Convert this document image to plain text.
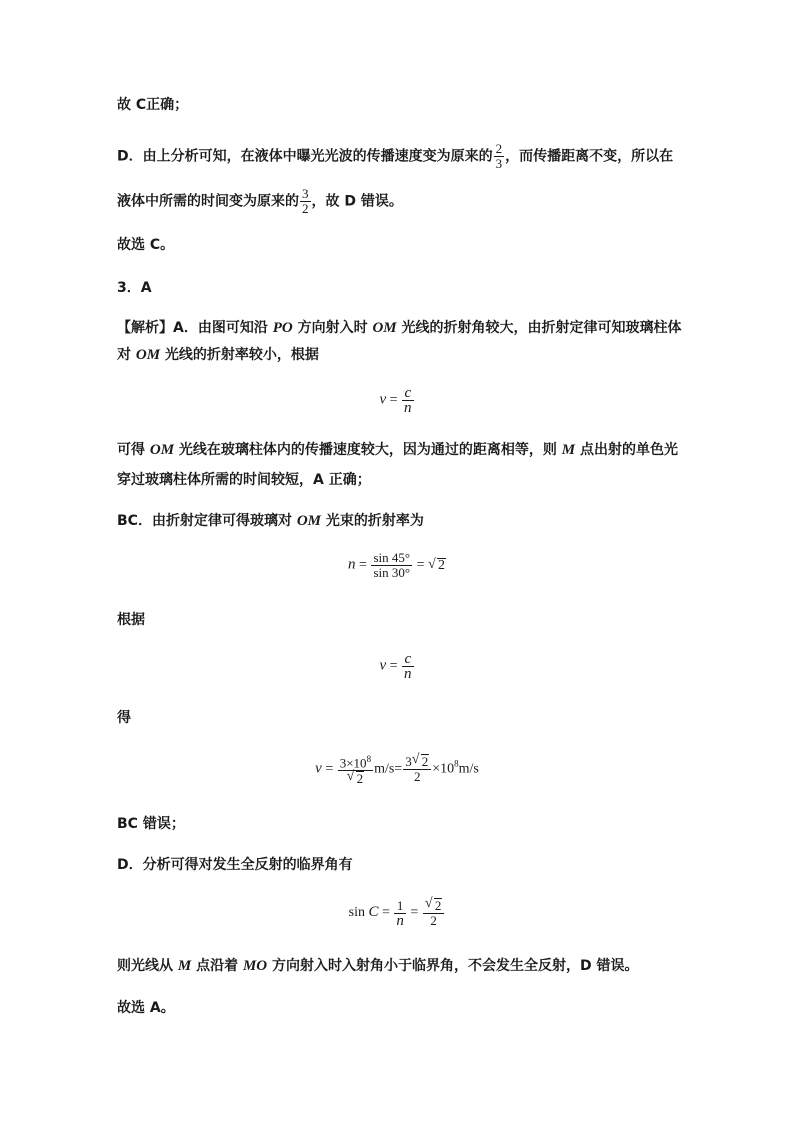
故 C正确；
D．由上分析可知，在液体中曝光光波的传播速度变为原来的 $\frac{2}{3}$ ，而传播距离不变，所以在
液体中所需的时间变为原来的 $\frac{3}{2}$ ，故 D 错误。
故选 C。
3．A
【解析】A．由图可知沿 PO 方向射入时 OM 光线的折射角较大，由折射定律可知玻璃柱体
对 OM 光线的折射率较小，根据
$v = \frac{c}{n}$
可得 OM 光线在玻璃柱体内的传播速度较大，因为通过的距离相等，则 M 点出射的单色光
穿过玻璃柱体所需的时间较短，A 正确；
BC．由折射定律可得玻璃对 OM 光束的折射率为
$n = \frac{\sin 45^\circ}{\sin 30^\circ}$ = √ 2
根据
$v = \frac{c}{n}$
得
$v = 3\times 10^8$
√ 2 $m/s= \frac{3 √ 2}{2} \times 10^8m/s$
BC 错误；
D．分析可得对发生全反射的临界角有
$\sin C = \frac{1}{n}$ = √ $\frac{2}{2}$
则光线从 M 点沿着 MO 方向射入时入射角小于临界角，不会发生全反射，D 错误。
故选 A。
